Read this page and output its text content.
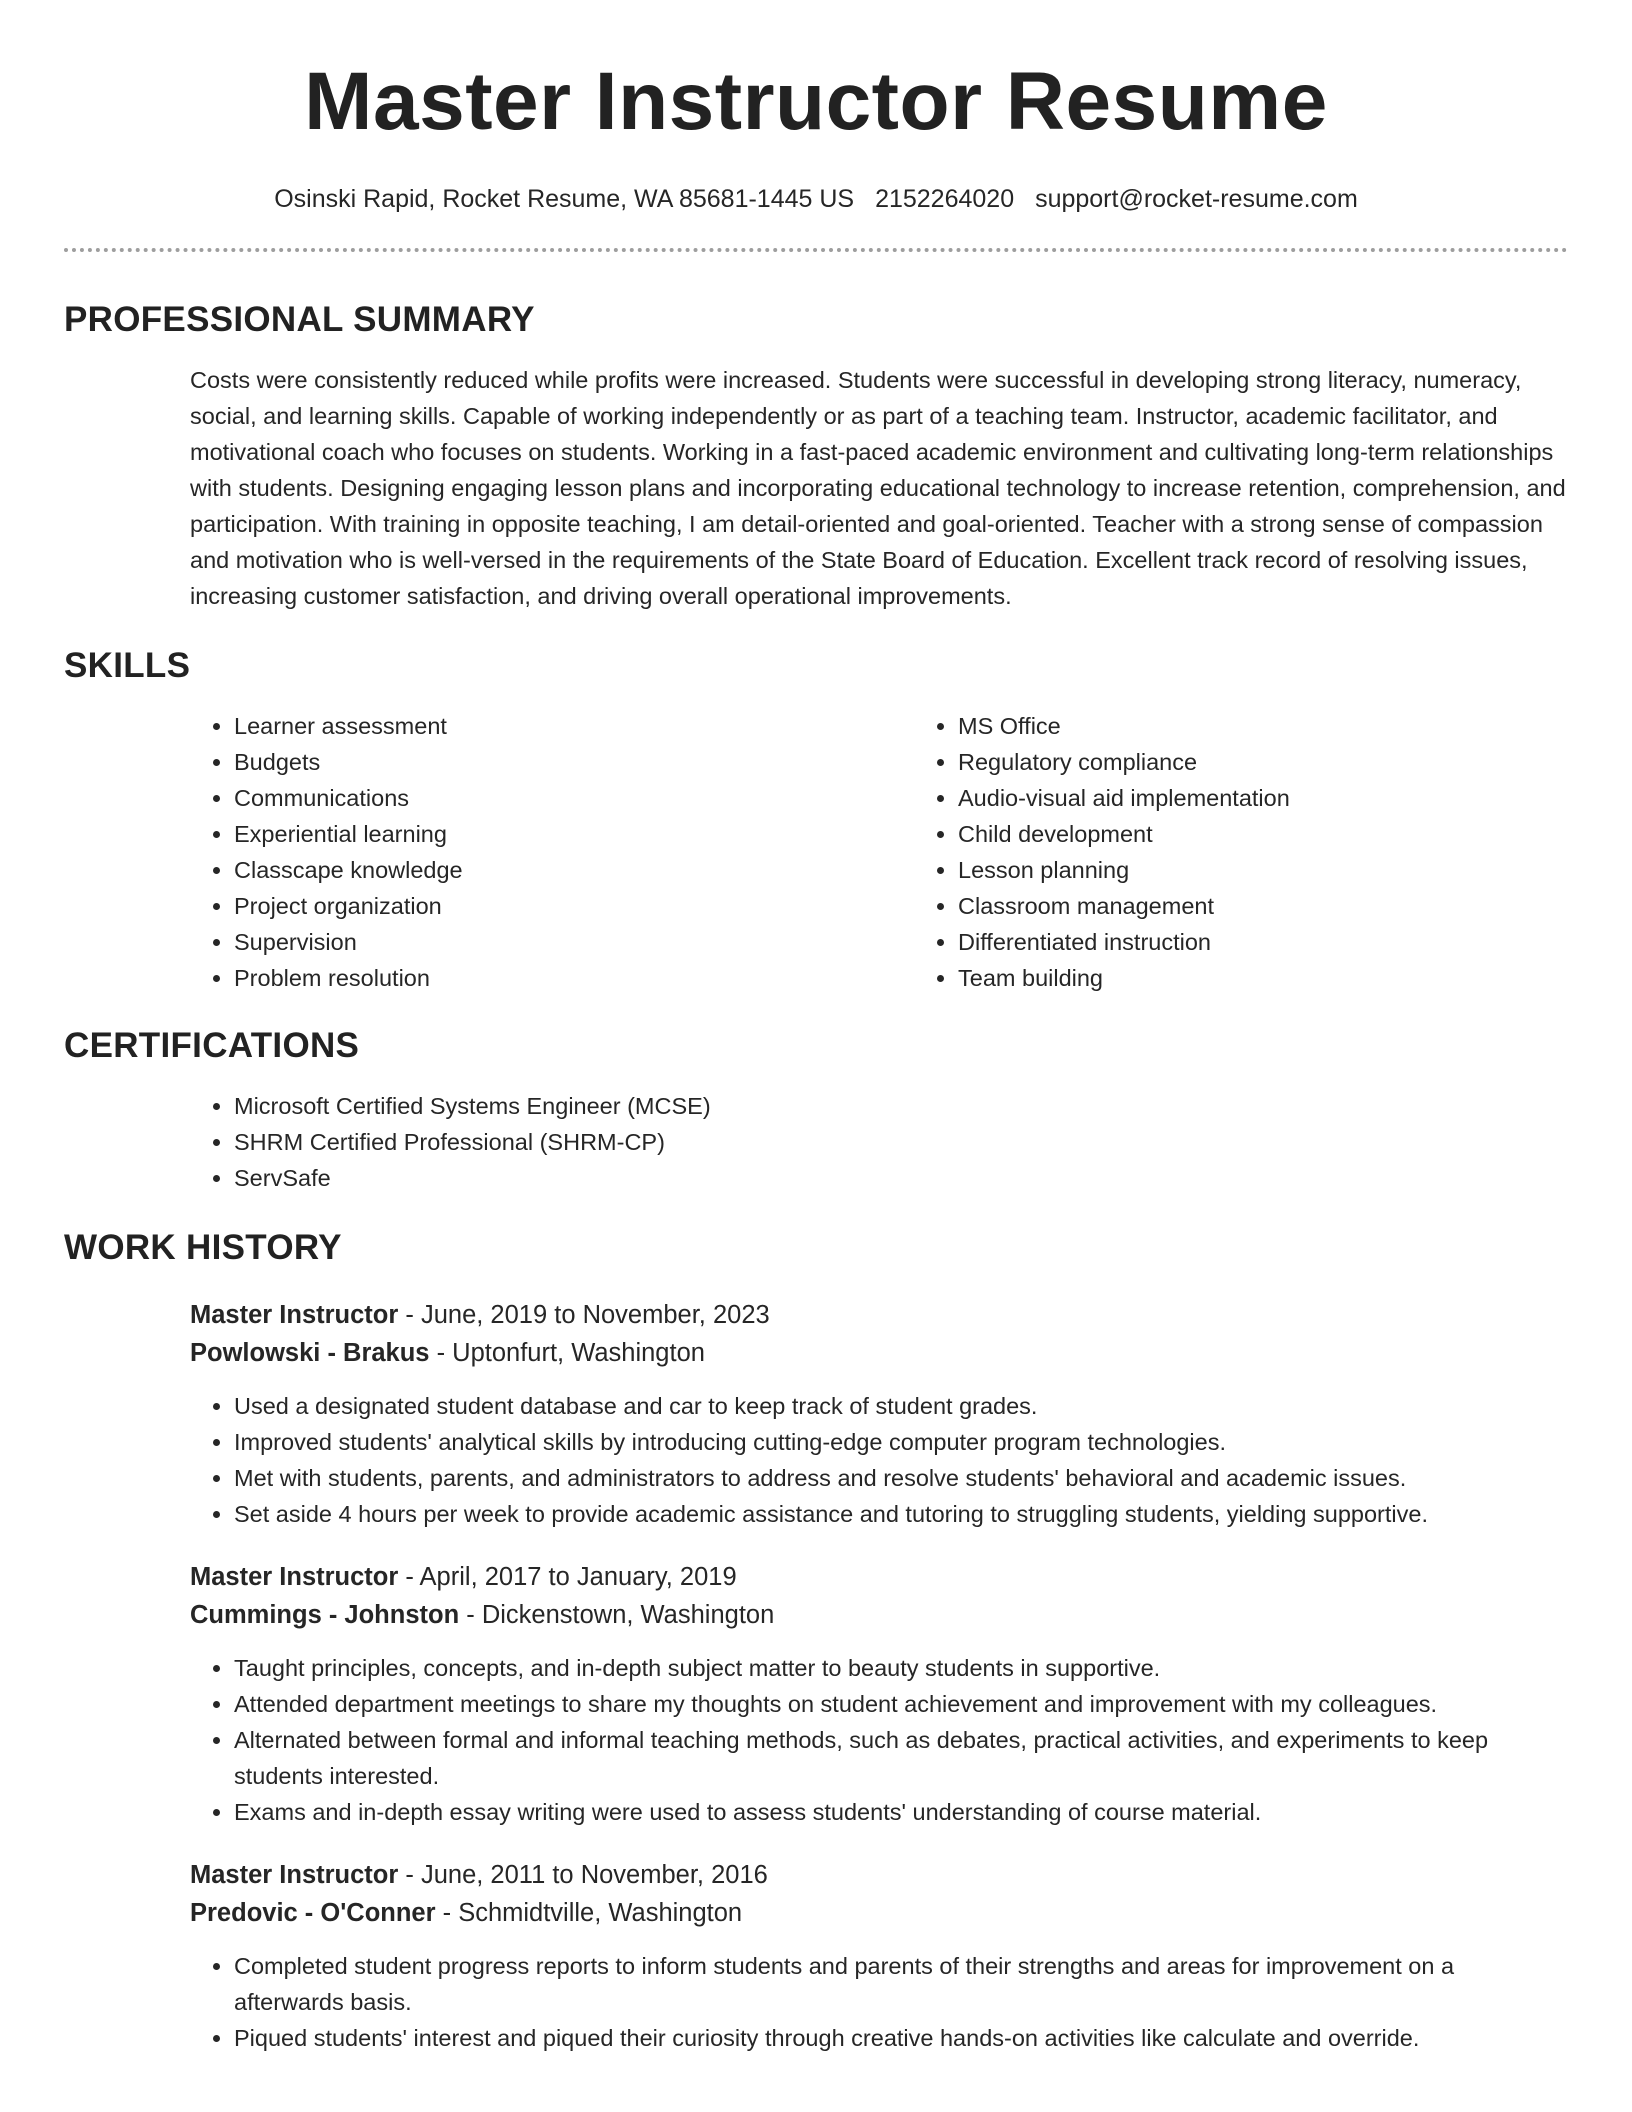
Master Instructor Resume
Osinski Rapid, Rocket Resume, WA 85681-1445 US 2152264020 support@rocket-resume.com
PROFESSIONAL SUMMARY

Costs were consistently reduced while profits were increased. Students were successful in developing strong literacy, numeracy, social, and learning skills. Capable of working independently or as part of a teaching team. Instructor, academic facilitator, and motivational coach who focuses on students. Working in a fast-paced academic environment and cultivating long-term relationships with students. Designing engaging lesson plans and incorporating educational technology to increase retention, comprehension, and participation. With training in opposite teaching, I am detail-oriented and goal-oriented. Teacher with a strong sense of compassion and motivation who is well-versed in the requirements of the State Board of Education. Excellent track record of resolving issues, increasing customer satisfaction, and driving overall operational improvements.

SKILLS
• Learner assessment
• Budgets
• Communications
• Experiential learning
• Classcape knowledge
• Project organization
• Supervision
• Problem resolution
• MS Office
• Regulatory compliance
• Audio-visual aid implementation
• Child development
• Lesson planning
• Classroom management
• Differentiated instruction
• Team building
CERTIFICATIONS
• Microsoft Certified Systems Engineer (MCSE)
• SHRM Certified Professional (SHRM-CP)
• ServSafe
WORK HISTORY
Master Instructor - June, 2019 to November, 2023
Powlowski - Brakus - Uptonfurt, Washington
• Used a designated student database and car to keep track of student grades.
• Improved students' analytical skills by introducing cutting-edge computer program technologies.
• Met with students, parents, and administrators to address and resolve students' behavioral and academic issues.
• Set aside 4 hours per week to provide academic assistance and tutoring to struggling students, yielding supportive.
Master Instructor - April, 2017 to January, 2019
Cummings - Johnston - Dickenstown, Washington
• Taught principles, concepts, and in-depth subject matter to beauty students in supportive.
• Attended department meetings to share my thoughts on student achievement and improvement with my colleagues.
• Alternated between formal and informal teaching methods, such as debates, practical activities, and experiments to keep students interested.
• Exams and in-depth essay writing were used to assess students' understanding of course material.
Master Instructor - June, 2011 to November, 2016
Predovic - O'Conner - Schmidtville, Washington
• Completed student progress reports to inform students and parents of their strengths and areas for improvement on a afterwards basis.
• Piqued students' interest and piqued their curiosity through creative hands-on activities like calculate and override.
